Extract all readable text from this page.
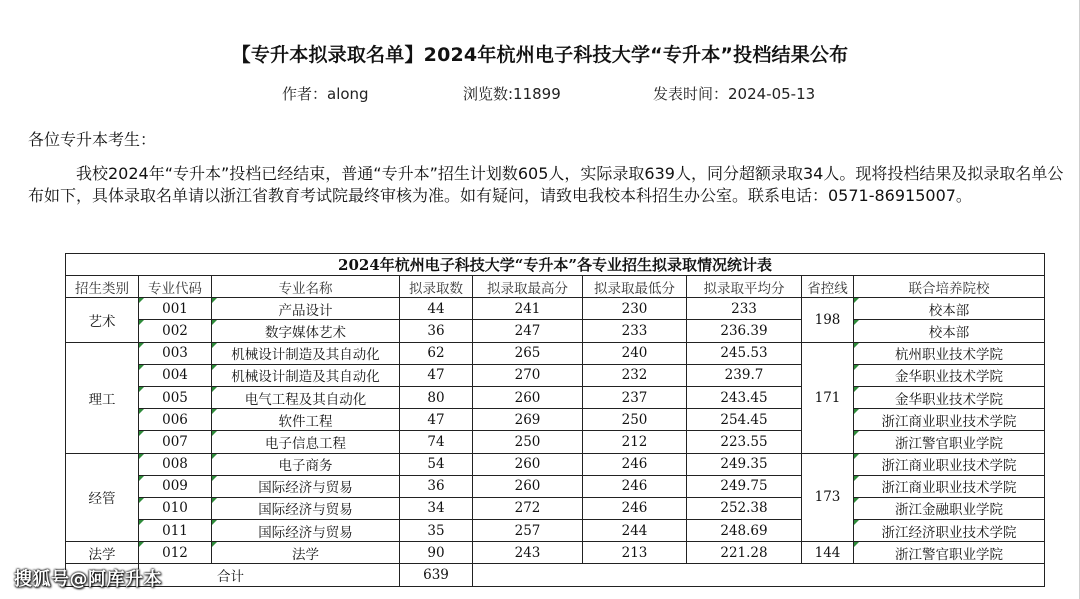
【专升本拟录取名单】2024年杭州电子科技大学“专升本”投档结果公布
作者：along	浏览数:11899	发表时间：2024-05-13
各位专升本考生：
我校2024年“专升本”投档已经结束，普通“专升本”招生计划数605人，实际录取639人，同分超额录取34人。现将投档结果及拟录取名单公布如下，具体录取名单请以浙江省教育考试院最终审核为准。如有疑问，请致电我校本科招生办公室。联系电话：0571-86915007。
2024年杭州电子科技大学“专升本”各专业招生拟录取情况统计表								
招生类别	专业代码	专业名称	拟录取数	拟录取最高分	拟录取最低分	拟录取平均分	省控线	联合培养院校
艺术	001	产品设计	44	241	230	233	198	校本部
	002	数字媒体艺术	36	247	233	236.39		校本部
理工	003	机械设计制造及其自动化	62	265	240	245.53	171	杭州职业技术学院
	004	机械设计制造及其自动化	47	270	232	239.7		金华职业技术学院
	005	电气工程及其自动化	80	260	237	243.45		金华职业技术学院
	006	软件工程	47	269	250	254.45		浙江商业职业技术学院
	007	电子信息工程	74	250	212	223.55		浙江警官职业学院
经管	008	电子商务	54	260	246	249.35	173	浙江商业职业技术学院
	009	国际经济与贸易	36	260	246	249.75		浙江商业职业技术学院
	010	国际经济与贸易	34	272	246	252.38		浙江金融职业学院
	011	国际经济与贸易	35	257	244	248.69		浙江经济职业技术学院
法学	012	法学	90	243	213	221.28	144	浙江警官职业学院
	合计		639					
搜狐号@阿库升本
